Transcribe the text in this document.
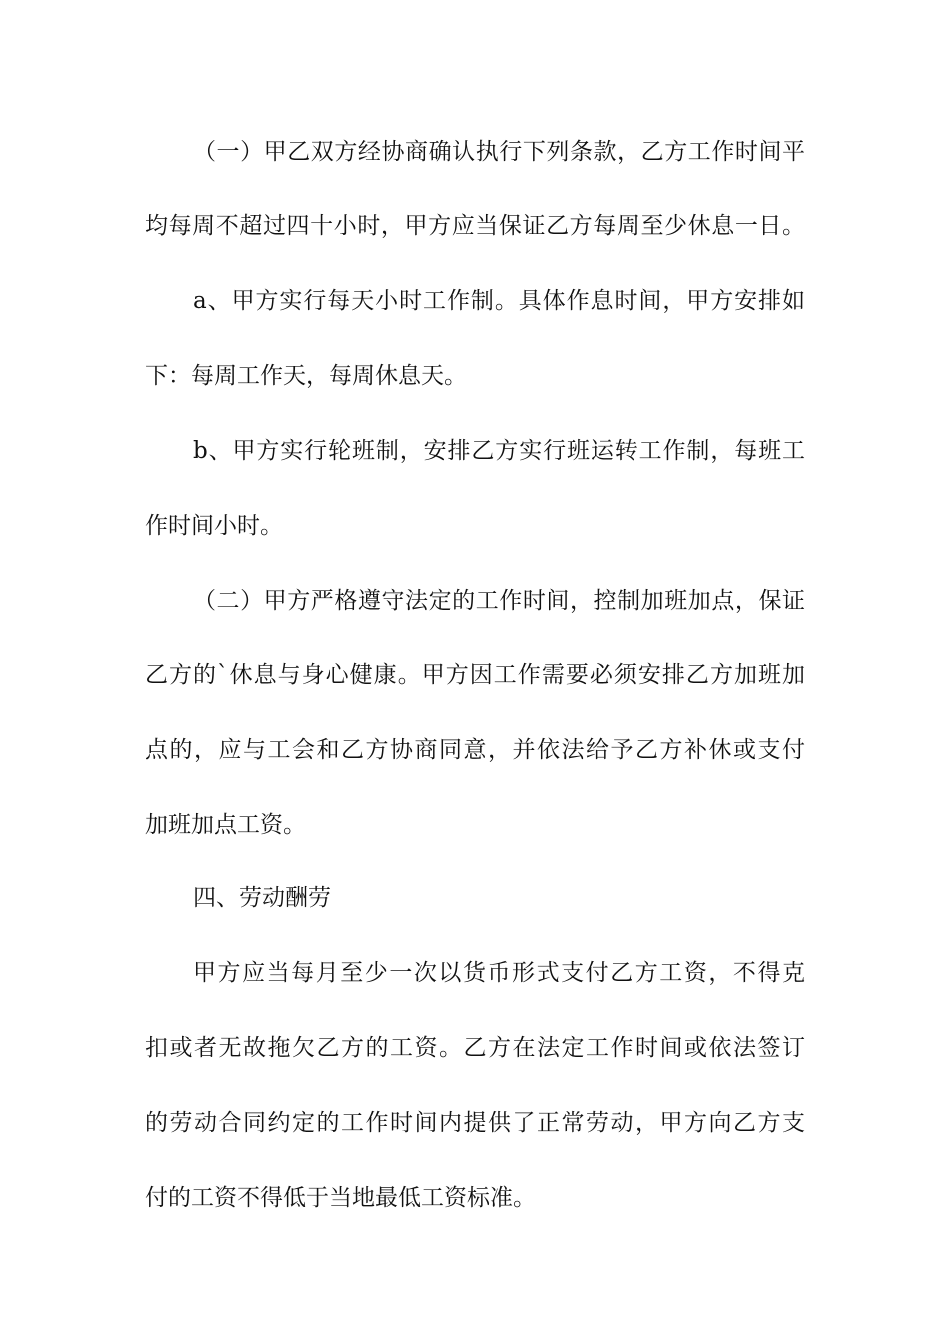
（一）甲乙双方经协商确认执行下列条款，乙方工作时间平

均每周不超过四十小时，甲方应当保证乙方每周至少休息一日。

a、甲方实行每天小时工作制。具体作息时间，甲方安排如

下：每周工作天，每周休息天。

b、甲方实行轮班制，安排乙方实行班运转工作制，每班工

作时间小时。

（二）甲方严格遵守法定的工作时间，控制加班加点，保证

乙方的`休息与身心健康。甲方因工作需要必须安排乙方加班加

点的，应与工会和乙方协商同意，并依法给予乙方补休或支付

加班加点工资。

四、劳动酬劳

甲方应当每月至少一次以货币形式支付乙方工资，不得克

扣或者无故拖欠乙方的工资。乙方在法定工作时间或依法签订

的劳动合同约定的工作时间内提供了正常劳动，甲方向乙方支

付的工资不得低于当地最低工资标准。
